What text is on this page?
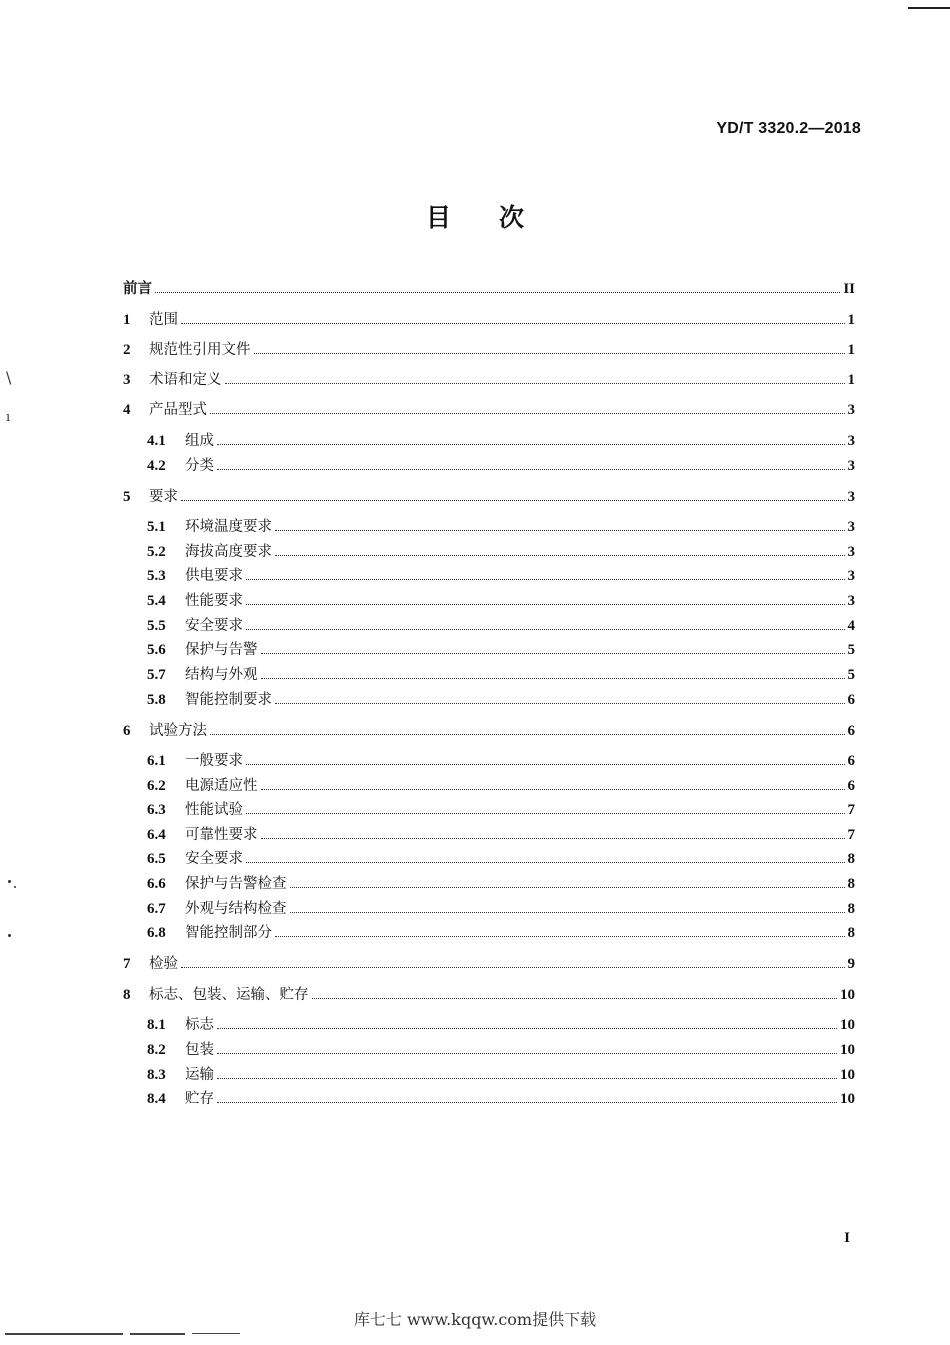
\
ı
YD/T 3320.2—2018
目次
前言	II
1	范围	1
2	规范性引用文件	1
3	术语和定义	1
4	产品型式	3
4.1	组成	3
4.2	分类	3
5	要求	3
5.1	环境温度要求	3
5.2	海拔高度要求	3
5.3	供电要求	3
5.4	性能要求	3
5.5	安全要求	4
5.6	保护与告警	5
5.7	结构与外观	5
5.8	智能控制要求	6
6	试验方法	6
6.1	一般要求	6
6.2	电源适应性	6
6.3	性能试验	7
6.4	可靠性要求	7
6.5	安全要求	8
6.6	保护与告警检查	8
6.7	外观与结构检查	8
6.8	智能控制部分	8
7	检验	9
8	标志、包装、运输、贮存	10
8.1	标志	10
8.2	包装	10
8.3	运输	10
8.4	贮存	10
I
库七七 www.kqqw.com提供下载
